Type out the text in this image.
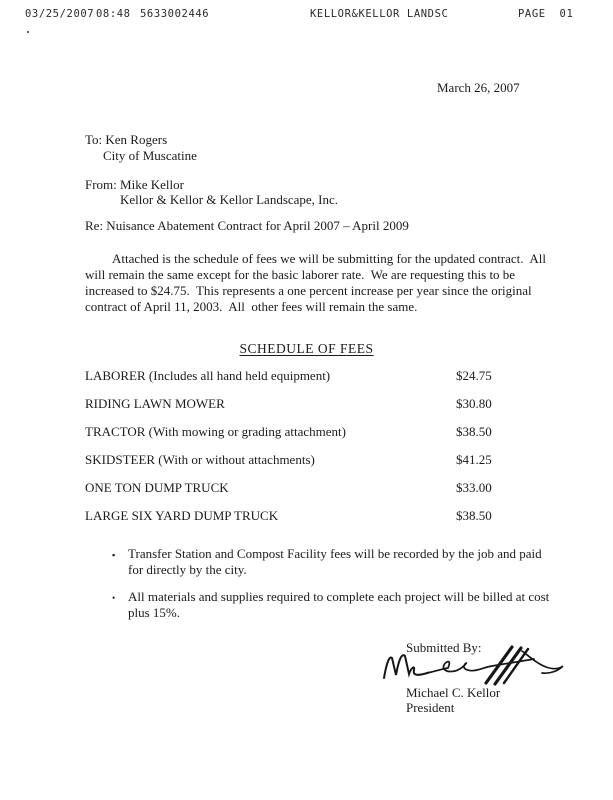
03/25/2007 08:48 5633002446	KELLOR&KELLOR LANDSC	PAGE  01
March 26, 2007
To: Ken Rogers
City of Muscatine
From: Mike Kellor
Kellor & Kellor & Kellor Landscape, Inc.
Re: Nuisance Abatement Contract for April 2007 – April 2009
Attached is the schedule of fees we will be submitting for the updated contract.  All
will remain the same except for the basic laborer rate.  We are requesting this to be
increased to $24.75.  This represents a one percent increase per year since the original
contract of April 11, 2003.  All  other fees will remain the same.
SCHEDULE OF FEES
LABORER (Includes all hand held equipment)	$24.75
RIDING LAWN MOWER	$30.80
TRACTOR (With mowing or grading attachment)	$38.50
SKIDSTEER (With or without attachments)	$41.25
ONE TON DUMP TRUCK	$33.00
LARGE SIX YARD DUMP TRUCK	$38.50
▪ Transfer Station and Compost Facility fees will be recorded by the job and paid
for directly by the city.
• All materials and supplies required to complete each project will be billed at cost
plus 15%.
Submitted By:
Michael C. Kellor
President
